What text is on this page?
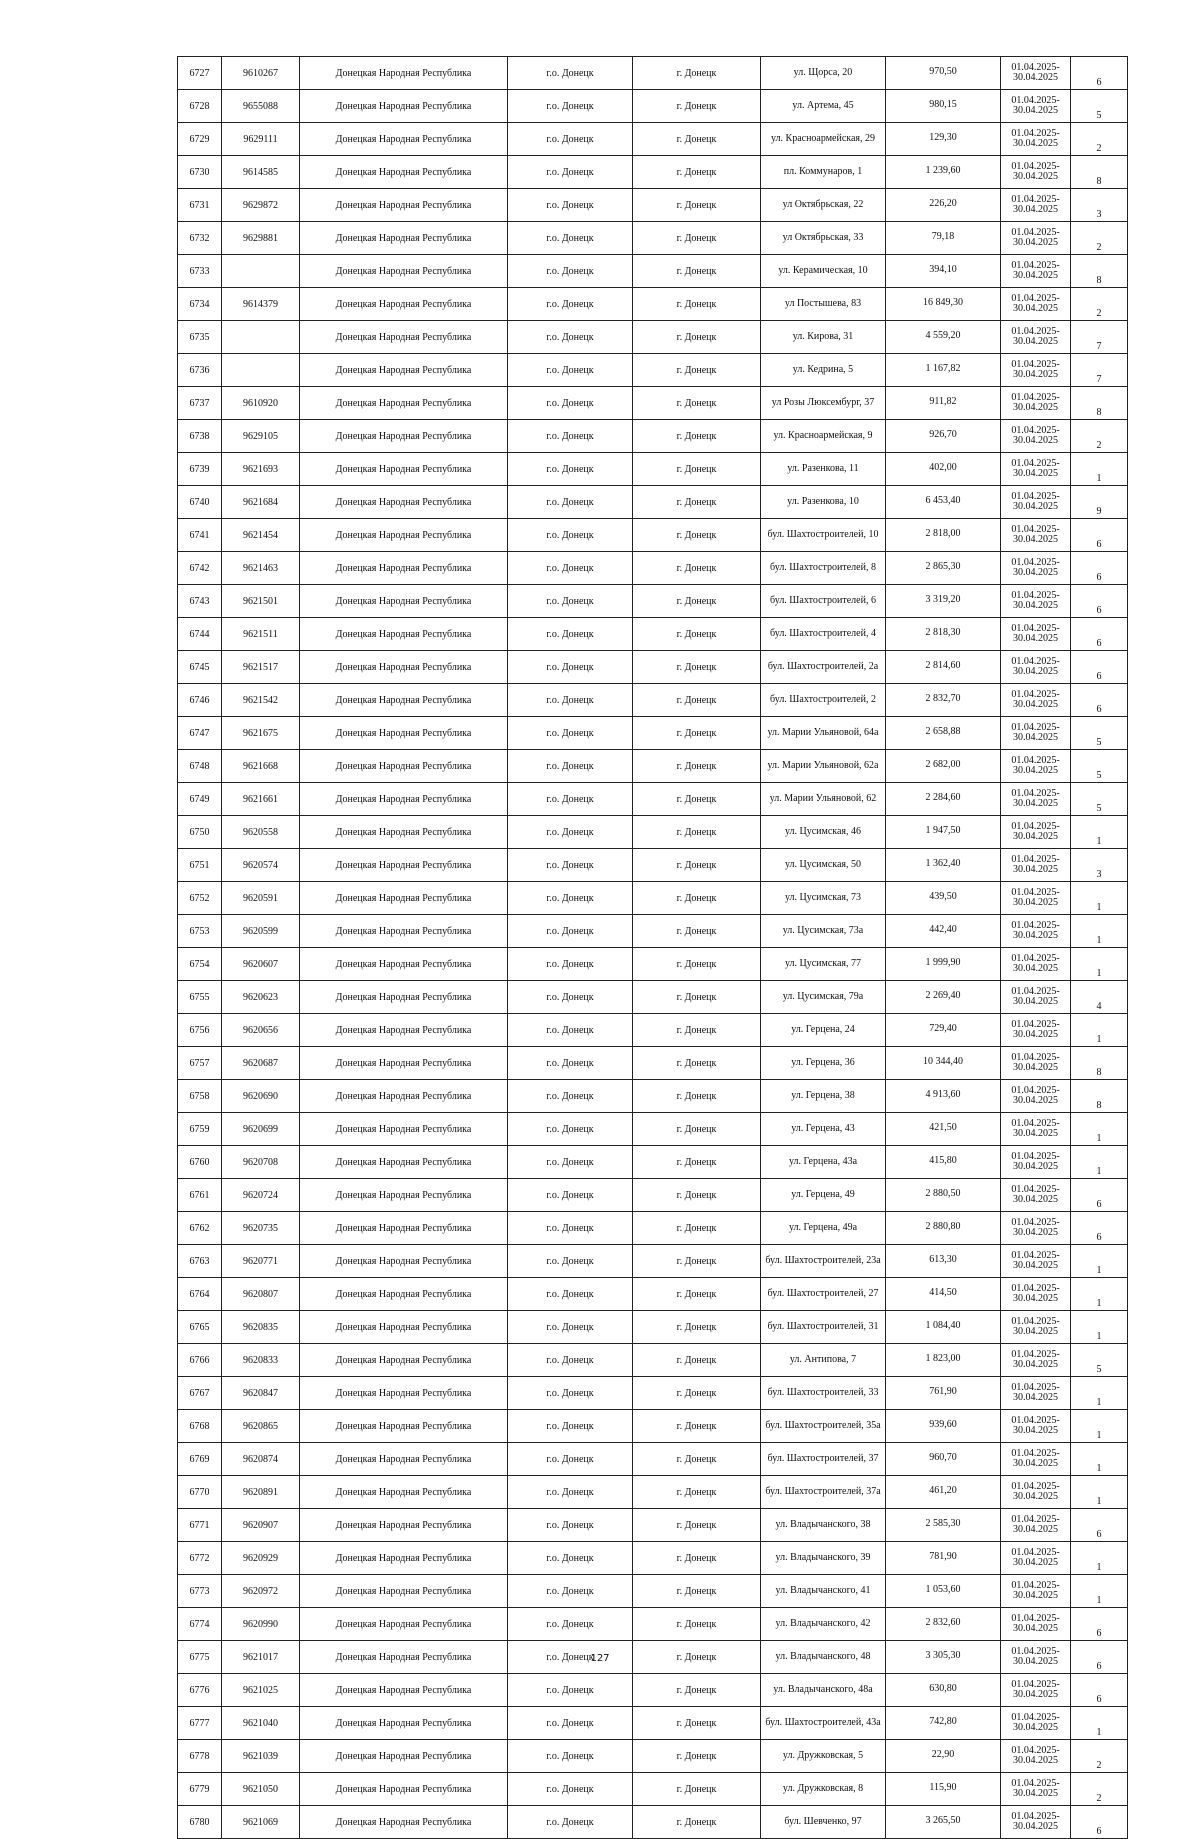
6727	9610267	Донецкая Народная Республика	г.о. Донецк	г. Донецк	ул. Щорса, 20	970,50	01.04.2025-30.04.2025	6
6728	9655088	Донецкая Народная Республика	г.о. Донецк	г. Донецк	ул. Артема, 45	980,15	01.04.2025-30.04.2025	5
6729	9629111	Донецкая Народная Республика	г.о. Донецк	г. Донецк	ул. Красноармейская, 29	129,30	01.04.2025-30.04.2025	2
6730	9614585	Донецкая Народная Республика	г.о. Донецк	г. Донецк	пл. Коммунаров, 1	1 239,60	01.04.2025-30.04.2025	8
6731	9629872	Донецкая Народная Республика	г.о. Донецк	г. Донецк	ул Октябрьская, 22	226,20	01.04.2025-30.04.2025	3
6732	9629881	Донецкая Народная Республика	г.о. Донецк	г. Донецк	ул Октябрьская, 33	79,18	01.04.2025-30.04.2025	2
6733		Донецкая Народная Республика	г.о. Донецк	г. Донецк	ул. Керамическая, 10	394,10	01.04.2025-30.04.2025	8
6734	9614379	Донецкая Народная Республика	г.о. Донецк	г. Донецк	ул Постышева, 83	16 849,30	01.04.2025-30.04.2025	2
6735		Донецкая Народная Республика	г.о. Донецк	г. Донецк	ул. Кирова, 31	4 559,20	01.04.2025-30.04.2025	7
6736		Донецкая Народная Республика	г.о. Донецк	г. Донецк	ул. Кедрина, 5	1 167,82	01.04.2025-30.04.2025	7
6737	9610920	Донецкая Народная Республика	г.о. Донецк	г. Донецк	ул Розы Люксембург, 37	911,82	01.04.2025-30.04.2025	8
6738	9629105	Донецкая Народная Республика	г.о. Донецк	г. Донецк	ул. Красноармейская, 9	926,70	01.04.2025-30.04.2025	2
6739	9621693	Донецкая Народная Республика	г.о. Донецк	г. Донецк	ул. Разенкова, 11	402,00	01.04.2025-30.04.2025	1
6740	9621684	Донецкая Народная Республика	г.о. Донецк	г. Донецк	ул. Разенкова, 10	6 453,40	01.04.2025-30.04.2025	9
6741	9621454	Донецкая Народная Республика	г.о. Донецк	г. Донецк	бул. Шахтостроителей, 10	2 818,00	01.04.2025-30.04.2025	6
6742	9621463	Донецкая Народная Республика	г.о. Донецк	г. Донецк	бул. Шахтостроителей, 8	2 865,30	01.04.2025-30.04.2025	6
6743	9621501	Донецкая Народная Республика	г.о. Донецк	г. Донецк	бул. Шахтостроителей, 6	3 319,20	01.04.2025-30.04.2025	6
6744	9621511	Донецкая Народная Республика	г.о. Донецк	г. Донецк	бул. Шахтостроителей, 4	2 818,30	01.04.2025-30.04.2025	6
6745	9621517	Донецкая Народная Республика	г.о. Донецк	г. Донецк	бул. Шахтостроителей, 2а	2 814,60	01.04.2025-30.04.2025	6
6746	9621542	Донецкая Народная Республика	г.о. Донецк	г. Донецк	бул. Шахтостроителей, 2	2 832,70	01.04.2025-30.04.2025	6
6747	9621675	Донецкая Народная Республика	г.о. Донецк	г. Донецк	ул. Марии Ульяновой, 64а	2 658,88	01.04.2025-30.04.2025	5
6748	9621668	Донецкая Народная Республика	г.о. Донецк	г. Донецк	ул. Марии Ульяновой, 62а	2 682,00	01.04.2025-30.04.2025	5
6749	9621661	Донецкая Народная Республика	г.о. Донецк	г. Донецк	ул. Марии Ульяновой, 62	2 284,60	01.04.2025-30.04.2025	5
6750	9620558	Донецкая Народная Республика	г.о. Донецк	г. Донецк	ул. Цусимская, 46	1 947,50	01.04.2025-30.04.2025	1
6751	9620574	Донецкая Народная Республика	г.о. Донецк	г. Донецк	ул. Цусимская, 50	1 362,40	01.04.2025-30.04.2025	3
6752	9620591	Донецкая Народная Республика	г.о. Донецк	г. Донецк	ул. Цусимская, 73	439,50	01.04.2025-30.04.2025	1
6753	9620599	Донецкая Народная Республика	г.о. Донецк	г. Донецк	ул. Цусимская, 73а	442,40	01.04.2025-30.04.2025	1
6754	9620607	Донецкая Народная Республика	г.о. Донецк	г. Донецк	ул. Цусимская, 77	1 999,90	01.04.2025-30.04.2025	1
6755	9620623	Донецкая Народная Республика	г.о. Донецк	г. Донецк	ул. Цусимская, 79а	2 269,40	01.04.2025-30.04.2025	4
6756	9620656	Донецкая Народная Республика	г.о. Донецк	г. Донецк	ул. Герцена, 24	729,40	01.04.2025-30.04.2025	1
6757	9620687	Донецкая Народная Республика	г.о. Донецк	г. Донецк	ул. Герцена, 36	10 344,40	01.04.2025-30.04.2025	8
6758	9620690	Донецкая Народная Республика	г.о. Донецк	г. Донецк	ул. Герцена, 38	4 913,60	01.04.2025-30.04.2025	8
6759	9620699	Донецкая Народная Республика	г.о. Донецк	г. Донецк	ул. Герцена, 43	421,50	01.04.2025-30.04.2025	1
6760	9620708	Донецкая Народная Республика	г.о. Донецк	г. Донецк	ул. Герцена, 43а	415,80	01.04.2025-30.04.2025	1
6761	9620724	Донецкая Народная Республика	г.о. Донецк	г. Донецк	ул. Герцена, 49	2 880,50	01.04.2025-30.04.2025	6
6762	9620735	Донецкая Народная Республика	г.о. Донецк	г. Донецк	ул. Герцена, 49а	2 880,80	01.04.2025-30.04.2025	6
6763	9620771	Донецкая Народная Республика	г.о. Донецк	г. Донецк	бул. Шахтостроителей, 23а	613,30	01.04.2025-30.04.2025	1
6764	9620807	Донецкая Народная Республика	г.о. Донецк	г. Донецк	бул. Шахтостроителей, 27	414,50	01.04.2025-30.04.2025	1
6765	9620835	Донецкая Народная Республика	г.о. Донецк	г. Донецк	бул. Шахтостроителей, 31	1 084,40	01.04.2025-30.04.2025	1
6766	9620833	Донецкая Народная Республика	г.о. Донецк	г. Донецк	ул. Антипова, 7	1 823,00	01.04.2025-30.04.2025	5
6767	9620847	Донецкая Народная Республика	г.о. Донецк	г. Донецк	бул. Шахтостроителей, 33	761,90	01.04.2025-30.04.2025	1
6768	9620865	Донецкая Народная Республика	г.о. Донецк	г. Донецк	бул. Шахтостроителей, 35а	939,60	01.04.2025-30.04.2025	1
6769	9620874	Донецкая Народная Республика	г.о. Донецк	г. Донецк	бул. Шахтостроителей, 37	960,70	01.04.2025-30.04.2025	1
6770	9620891	Донецкая Народная Республика	г.о. Донецк	г. Донецк	бул. Шахтостроителей, 37а	461,20	01.04.2025-30.04.2025	1
6771	9620907	Донецкая Народная Республика	г.о. Донецк	г. Донецк	ул. Владычанского, 38	2 585,30	01.04.2025-30.04.2025	6
6772	9620929	Донецкая Народная Республика	г.о. Донецк	г. Донецк	ул. Владычанского, 39	781,90	01.04.2025-30.04.2025	1
6773	9620972	Донецкая Народная Республика	г.о. Донецк	г. Донецк	ул. Владычанского, 41	1 053,60	01.04.2025-30.04.2025	1
6774	9620990	Донецкая Народная Республика	г.о. Донецк	г. Донецк	ул. Владычанского, 42	2 832,60	01.04.2025-30.04.2025	6
6775	9621017	Донецкая Народная Республика	г.о. Донецк	г. Донецк	ул. Владычанского, 48	3 305,30	01.04.2025-30.04.2025	6
6776	9621025	Донецкая Народная Республика	г.о. Донецк	г. Донецк	ул. Владычанского, 48а	630,80	01.04.2025-30.04.2025	6
6777	9621040	Донецкая Народная Республика	г.о. Донецк	г. Донецк	бул. Шахтостроителей, 43а	742,80	01.04.2025-30.04.2025	1
6778	9621039	Донецкая Народная Республика	г.о. Донецк	г. Донецк	ул. Дружковская, 5	22,90	01.04.2025-30.04.2025	2
6779	9621050	Донецкая Народная Республика	г.о. Донецк	г. Донецк	ул. Дружковская, 8	115,90	01.04.2025-30.04.2025	2
6780	9621069	Донецкая Народная Республика	г.о. Донецк	г. Донецк	бул. Шевченко, 97	3 265,50	01.04.2025-30.04.2025	6
127
